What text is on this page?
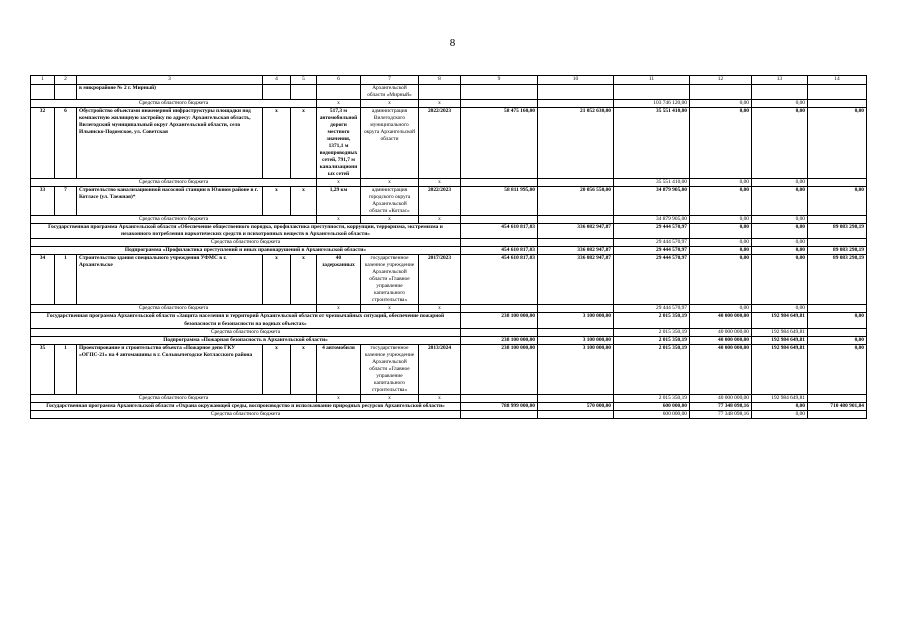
8
1	2	3	4	5	6	7	8	9	10	11	12	13	14
		в микрорайоне № 2 г. Мирный)				Архангельской области «Мирный»							
Средства областного бюджета					x	x	x			103 746 120,00	0,00	0,00	
32	6	Обустройство объектами инженерной инфраструктуры площадки под компактную жилищную застройку по адресу: Архангельская область, Вилегодский муниципальный округ Архангельской области, село Ильинско-Подомское, ул. Советская	x	x	517,3 м автомобильной дороги местного значения, 1371,1 м водопроводных сетей, 791,7 м канализационных сетей	администрация Вилегодского муниципального округа Архангельской области	2022/2023	58 475 160,00	21 052 630,00	35 551 410,00	0,00	0,00	0,00
Средства областного бюджета					x	x	x			35 551 410,00	0,00	0,00	
33	7	Строительство канализационной насосной станции в Южном районе в г. Котласе (ул. Таежная)*	x	x	1,29 км	администрация городского округа Архангельской области «Котлас»	2022/2023	58 811 995,00	20 056 550,00	34 879 905,00	0,00	0,00	0,00
Средства областного бюджета					x	x	x			34 879 905,00	0,00	0,00	
Государственная программа Архангельской области «Обеспечение общественного порядка, профилактика преступности, коррупции, терроризма, экстремизма и незаконного потребления наркотических средств и психотропных веществ в Архангельской области»								454 610 817,03	336 082 947,87	29 444 570,97	0,00	0,00	89 083 298,19
Средства областного бюджета										29 444 570,97	0,00	0,00	
Подпрограмма «Профилактика преступлений и иных правонарушений в Архангельской области»								454 610 817,03	336 082 947,87	29 444 570,97	0,00	0,00	89 083 298,19
34	1	Строительство здания специального учреждения УФМС в г. Архангельске	x	x	40 задержанных	государственное казенное учреждение Архангельской области «Главное управление капитального строительства»	2017/2023	454 610 817,03	336 082 947,87	29 444 570,97	0,00	0,00	89 083 298,19
Средства областного бюджета					x	x	x			29 444 570,97	0,00	0,00	
Государственная программа Архангельской области «Защита населения и территорий Архангельской области от чрезвычайных ситуаций, обеспечение пожарной безопасности и безопасности на водных объектах»								238 100 000,00	3 100 000,00	2 015 350,19	40 000 000,00	192 984 649,81	0,00
Средства областного бюджета										2 015 350,19	40 000 000,00	192 984 649,81	
Подпрограмма «Пожарная безопасность в Архангельской области»								238 100 000,00	3 100 000,00	2 015 350,19	40 000 000,00	192 984 649,81	0,00
35	1	Проектирование и строительство объекта «Пожарное депо ГКУ «ОГПС-21» на 4 автомашины в г. Сольвычегодске Котласского района	x	x	4 автомобиля	государственное казенное учреждение Архангельской области «Главное управление капитального строительства»	2013/2024	238 100 000,00	3 100 000,00	2 015 350,19	40 000 000,00	192 984 649,81	0,00
Средства областного бюджета					x	x	x			2 015 350,19	40 000 000,00	192 984 649,81	
Государственная программа Архангельской области «Охрана окружающей среды, воспроизводство и использование природных ресурсов Архангельской области»								788 999 000,00	570 000,00	600 000,00	77 348 098,16	0,00	710 480 901,84
Средства областного бюджета										600 000,00	77 348 098,16	0,00	
